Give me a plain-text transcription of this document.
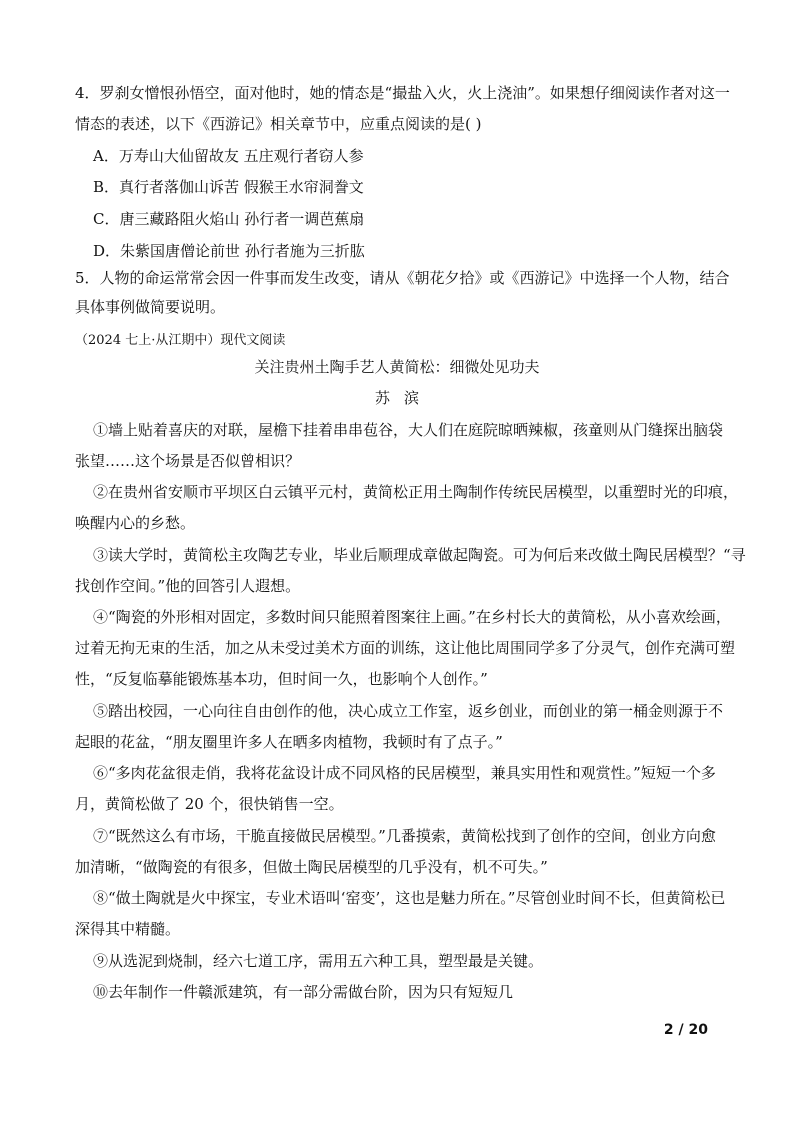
4．罗刹女憎恨孙悟空，面对他时，她的情态是“撮盐入火，火上浇油”。如果想仔细阅读作者对这一
情态的表述，以下《西游记》相关章节中，应重点阅读的是( )
A．万寿山大仙留故友 五庄观行者窃人参
B．真行者落伽山诉苦 假猴王水帘洞誊文
C．唐三藏路阻火焰山 孙行者一调芭蕉扇
D．朱紫国唐僧论前世 孙行者施为三折肱
5．人物的命运常常会因一件事而发生改变，请从《朝花夕拾》或《西游记》中选择一个人物，结合
具体事例做简要说明。
（2024 七上·从江期中）现代文阅读
关注贵州土陶手艺人黄简松：细微处见功夫
苏滨
①墙上贴着喜庆的对联，屋檐下挂着串串苞谷，大人们在庭院晾晒辣椒，孩童则从门缝探出脑袋
张望……这个场景是否似曾相识？
②在贵州省安顺市平坝区白云镇平元村，黄简松正用土陶制作传统民居模型，以重塑时光的印痕，
唤醒内心的乡愁。
③读大学时，黄简松主攻陶艺专业，毕业后顺理成章做起陶瓷。可为何后来改做土陶民居模型？“寻
找创作空间。”他的回答引人遐想。
④“陶瓷的外形相对固定，多数时间只能照着图案往上画。”在乡村长大的黄简松，从小喜欢绘画，
过着无拘无束的生活，加之从未受过美术方面的训练，这让他比周围同学多了分灵气，创作充满可塑
性，“反复临摹能锻炼基本功，但时间一久，也影响个人创作。”
⑤踏出校园，一心向往自由创作的他，决心成立工作室，返乡创业，而创业的第一桶金则源于不
起眼的花盆，“朋友圈里许多人在晒多肉植物，我顿时有了点子。”
⑥“多肉花盆很走俏，我将花盆设计成不同风格的民居模型，兼具实用性和观赏性。”短短一个多
月，黄简松做了 20 个，很快销售一空。
⑦“既然这么有市场，干脆直接做民居模型。”几番摸索，黄简松找到了创作的空间，创业方向愈
加清晰，“做陶瓷的有很多，但做土陶民居模型的几乎没有，机不可失。”
⑧“做土陶就是火中探宝，专业术语叫‘窑变’，这也是魅力所在。”尽管创业时间不长，但黄简松已
深得其中精髓。
⑨从选泥到烧制，经六七道工序，需用五六种工具，塑型最是关键。
⑩去年制作一件赣派建筑，有一部分需做台阶，因为只有短短几
2 / 20
